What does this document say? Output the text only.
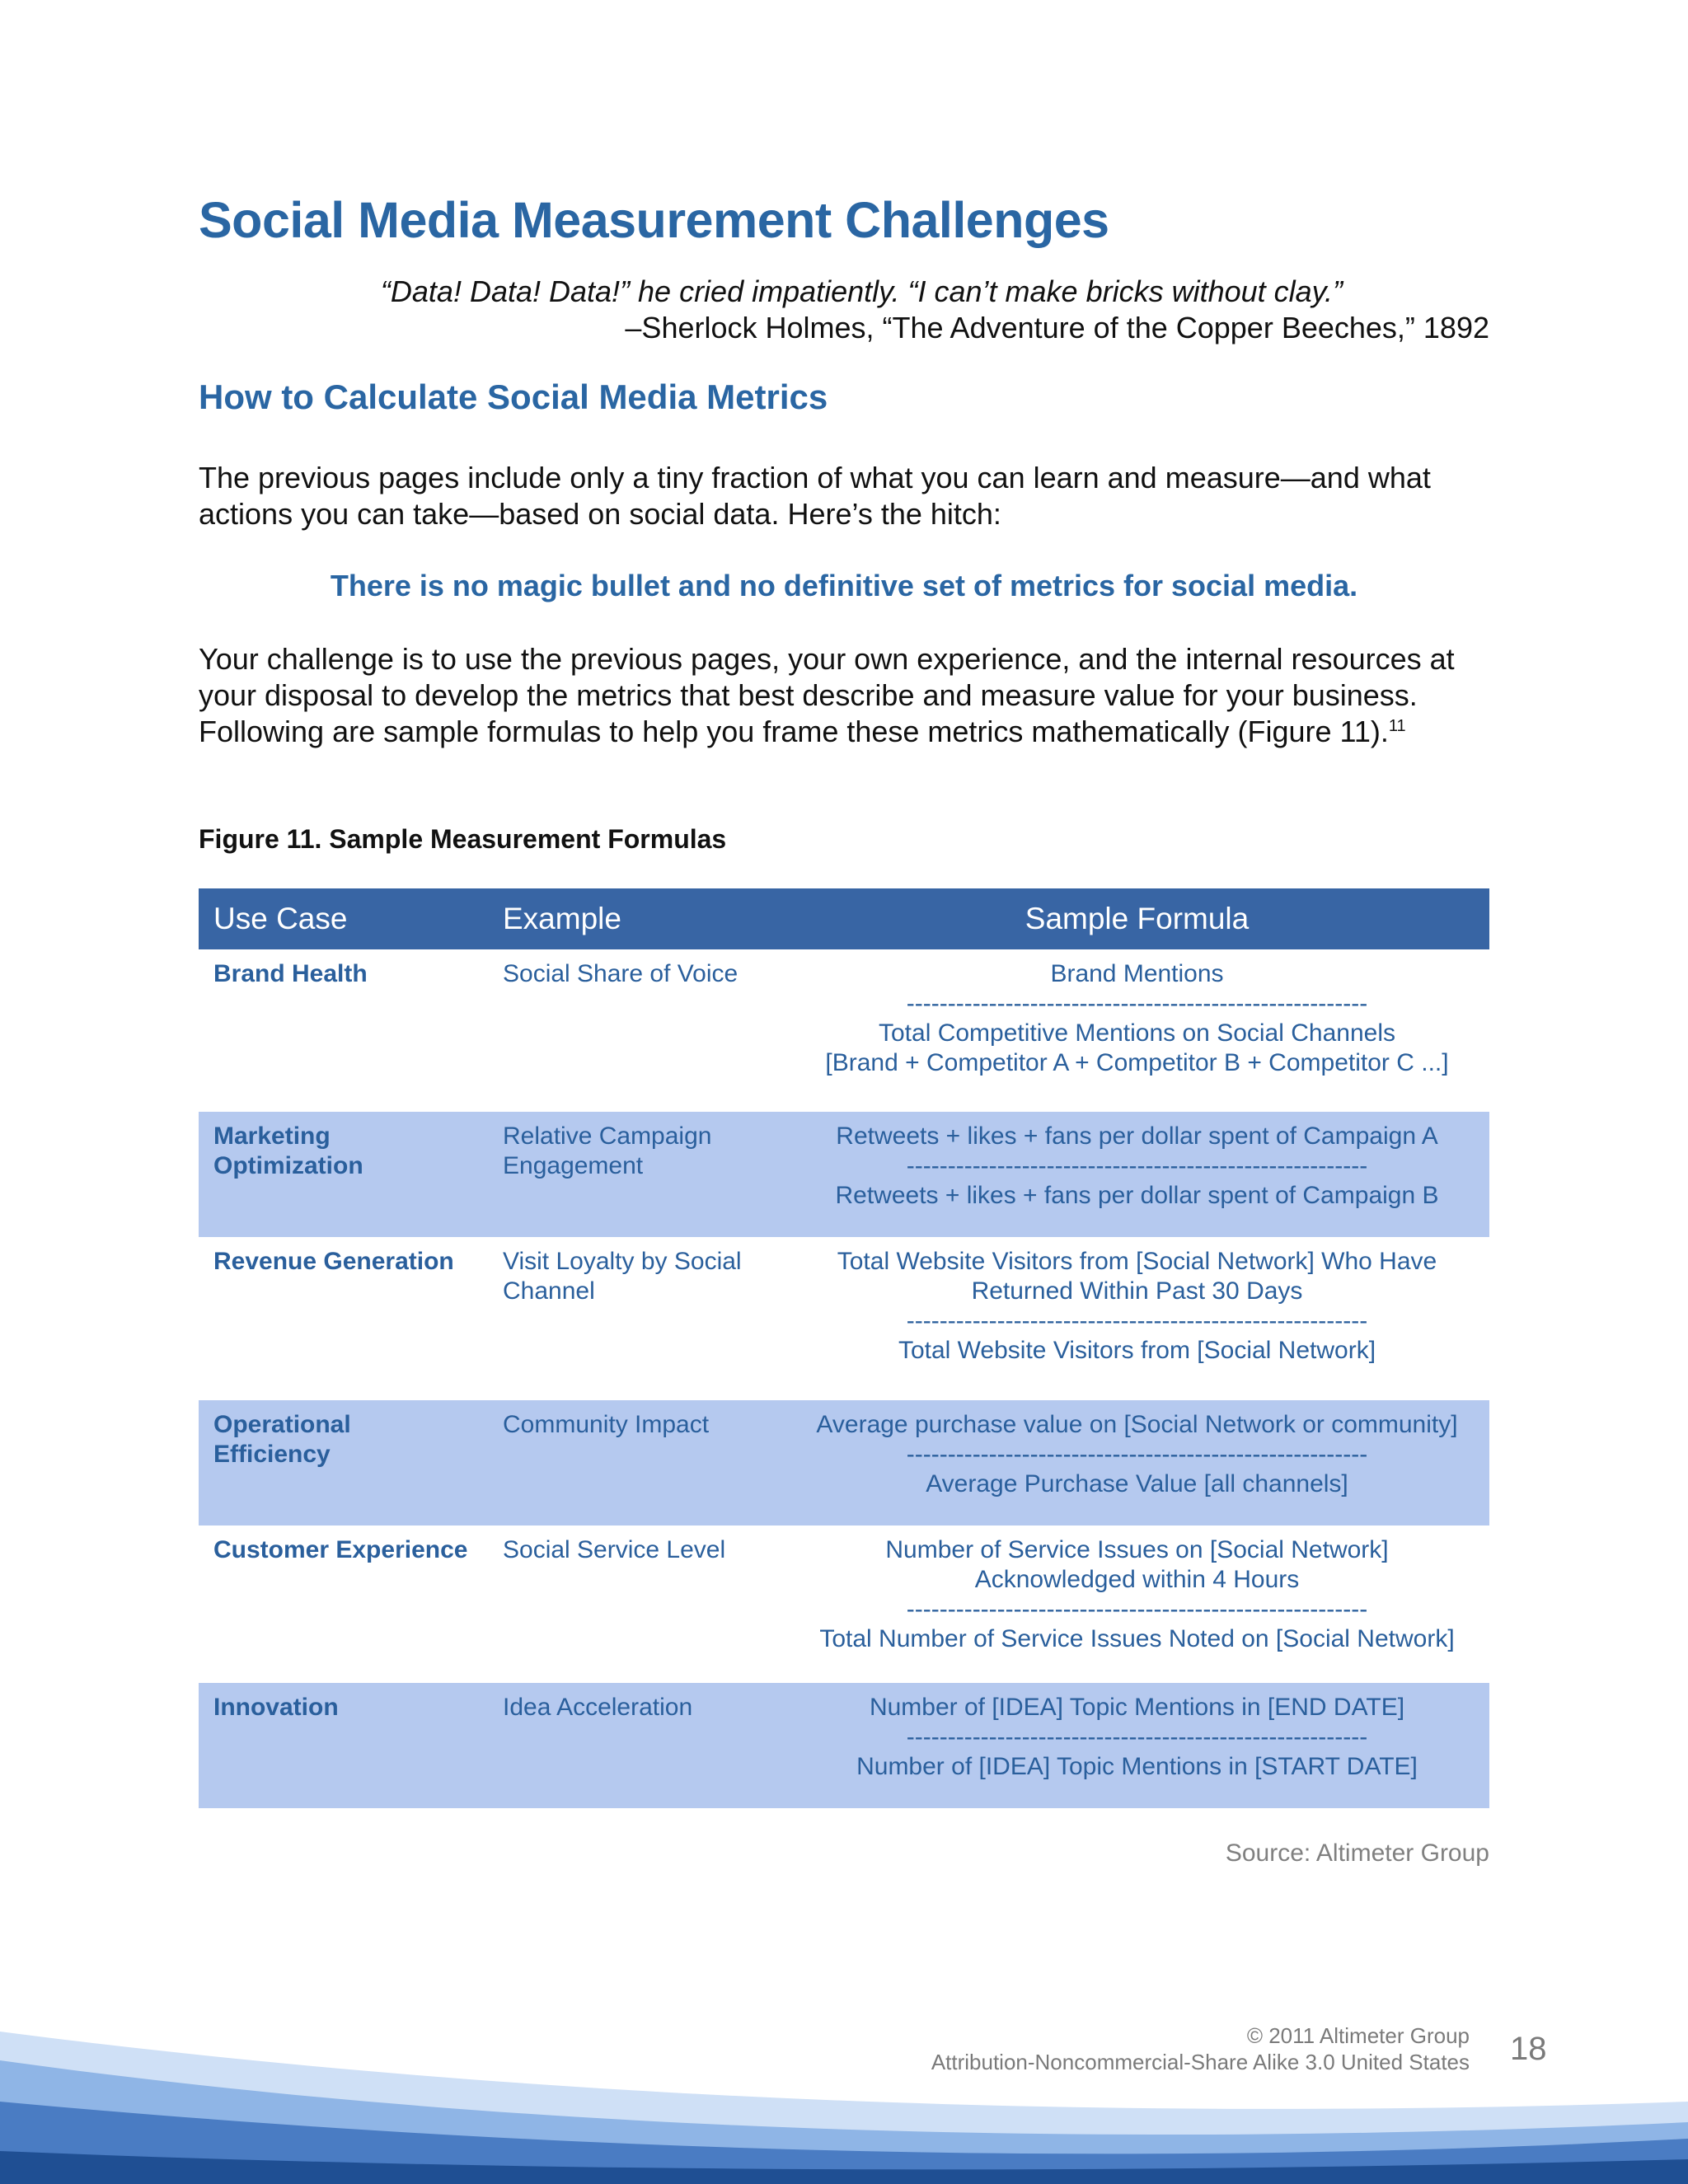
Social Media Measurement Challenges
“Data! Data! Data!” he cried impatiently. “I can’t make bricks without clay.”
–Sherlock Holmes, “The Adventure of the Copper Beeches,” 1892
How to Calculate Social Media Metrics

The previous pages include only a tiny fraction of what you can learn and measure—and what actions you can take—based on social data. Here’s the hitch:

There is no magic bullet and no definitive set of metrics for social media.

Your challenge is to use the previous pages, your own experience, and the internal resources at your disposal to develop the metrics that best describe and measure value for your business. Following are sample formulas to help you frame these metrics mathematically (Figure 11).$^{11}$

Figure 11. Sample Measurement Formulas
Use Case	Example	Sample Formula
Brand Health	Social Share of Voice	Brand Mentions
--------------------------------------------------------
Total Competitive Mentions on Social Channels
[Brand + Competitor A + Competitor B + Competitor C ...]

Marketing Optimization	Relative Campaign Engagement	Retweets + likes + fans per dollar spent of Campaign A
--------------------------------------------------------
Retweets + likes + fans per dollar spent of Campaign B

Revenue Generation	Visit Loyalty by Social Channel	Total Website Visitors from [Social Network] Who Have
Returned Within Past 30 Days
--------------------------------------------------------
Total Website Visitors from [Social Network]

Operational Efficiency	Community Impact	Average purchase value on [Social Network or community]
--------------------------------------------------------
Average Purchase Value [all channels]

Customer Experience	Social Service Level	Number of Service Issues on [Social Network]
Acknowledged within 4 Hours
--------------------------------------------------------
Total Number of Service Issues Noted on [Social Network]

Innovation	Idea Acceleration	Number of [IDEA] Topic Mentions in [END DATE]
--------------------------------------------------------
Number of [IDEA] Topic Mentions in [START DATE]
Source: Altimeter Group
© 2011 Altimeter Group
Attribution-Noncommercial-Share Alike 3.0 United States 18
